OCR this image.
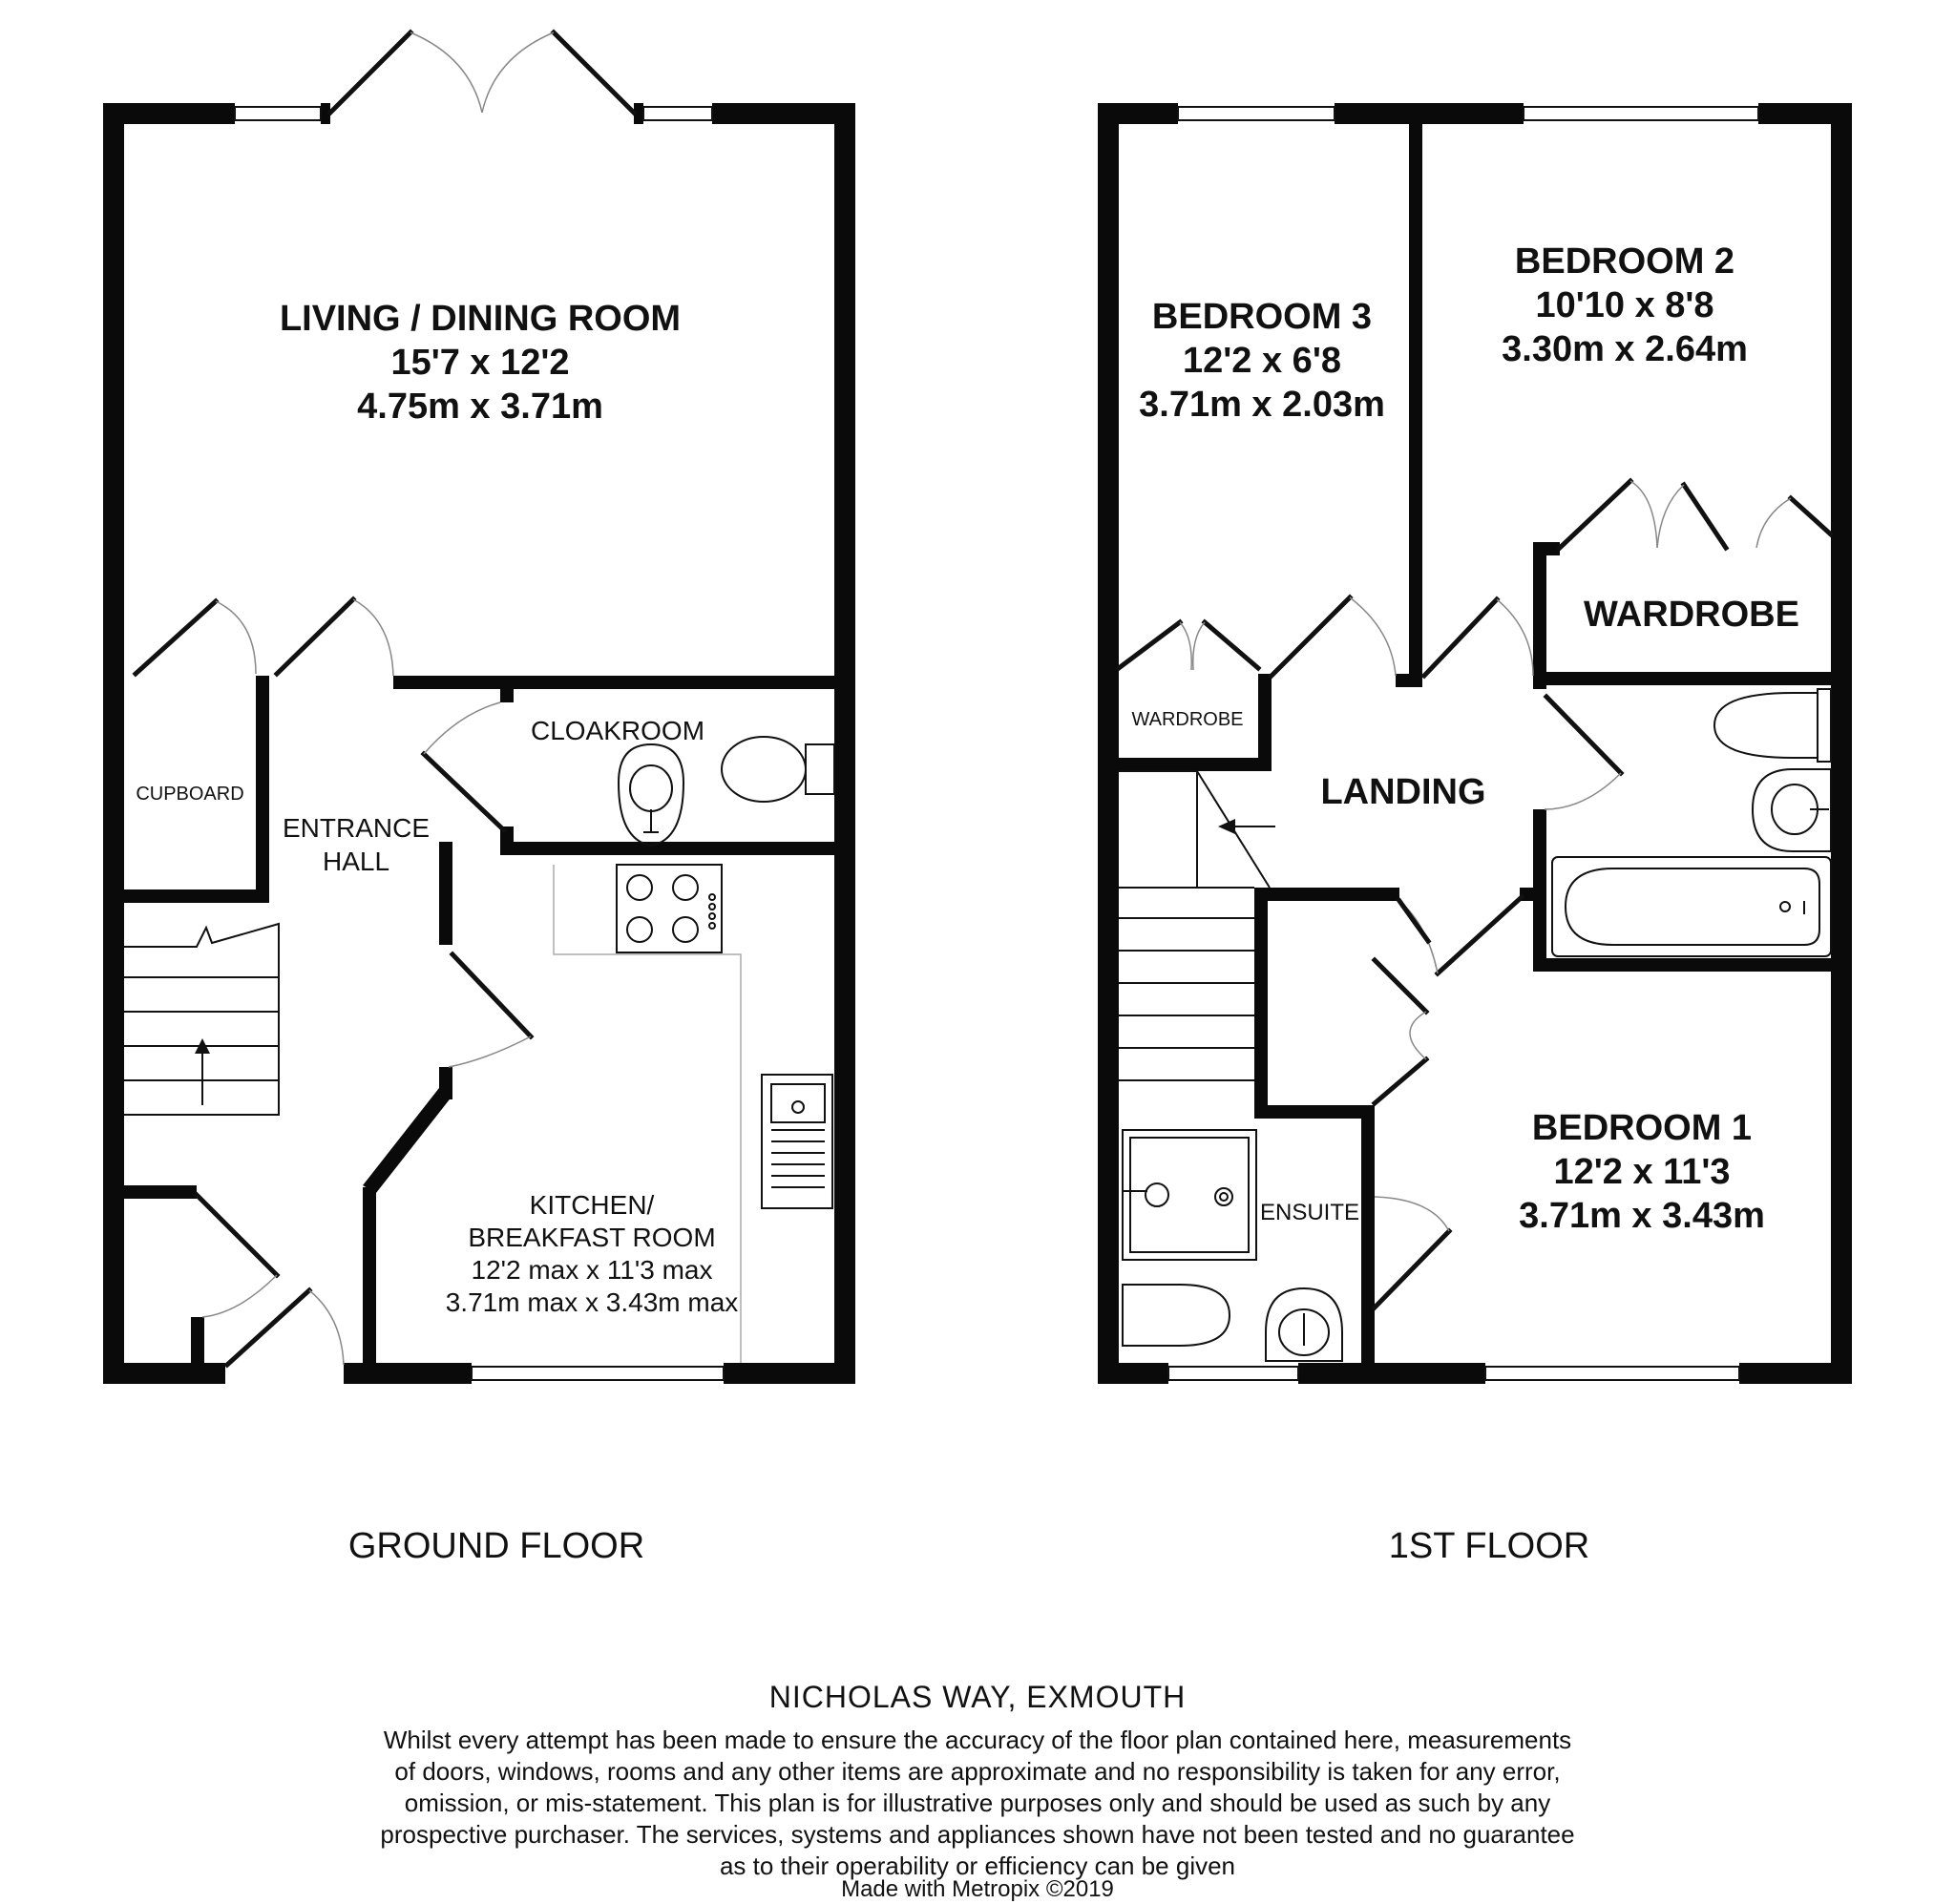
LIVING / DINING ROOM
15'7 x 12'2
4.75m x 3.71m
CLOAKROOM
CUPBOARD
ENTRANCE
HALL
KITCHEN/
BREAKFAST ROOM
12'2 max x 11'3 max
3.71m max x 3.43m max
GROUND FLOOR
BEDROOM 3
12'2 x 6'8
3.71m x 2.03m
BEDROOM 2
10'10 x 8'8
3.30m x 2.64m
WARDROBE
WARDROBE
LANDING
ENSUITE
BEDROOM 1
12'2 x 11'3
3.71m x 3.43m
1ST FLOOR

NICHOLAS WAY, EXMOUTH

Whilst every attempt has been made to ensure the accuracy of the floor plan contained here, measurements

of doors, windows, rooms and any other items are approximate and no responsibility is taken for any error,

omission, or mis-statement. This plan is for illustrative purposes only and should be used as such by any

prospective purchaser. The services, systems and appliances shown have not been tested and no guarantee

as to their operability or efficiency can be given

Made with Metropix ©2019
